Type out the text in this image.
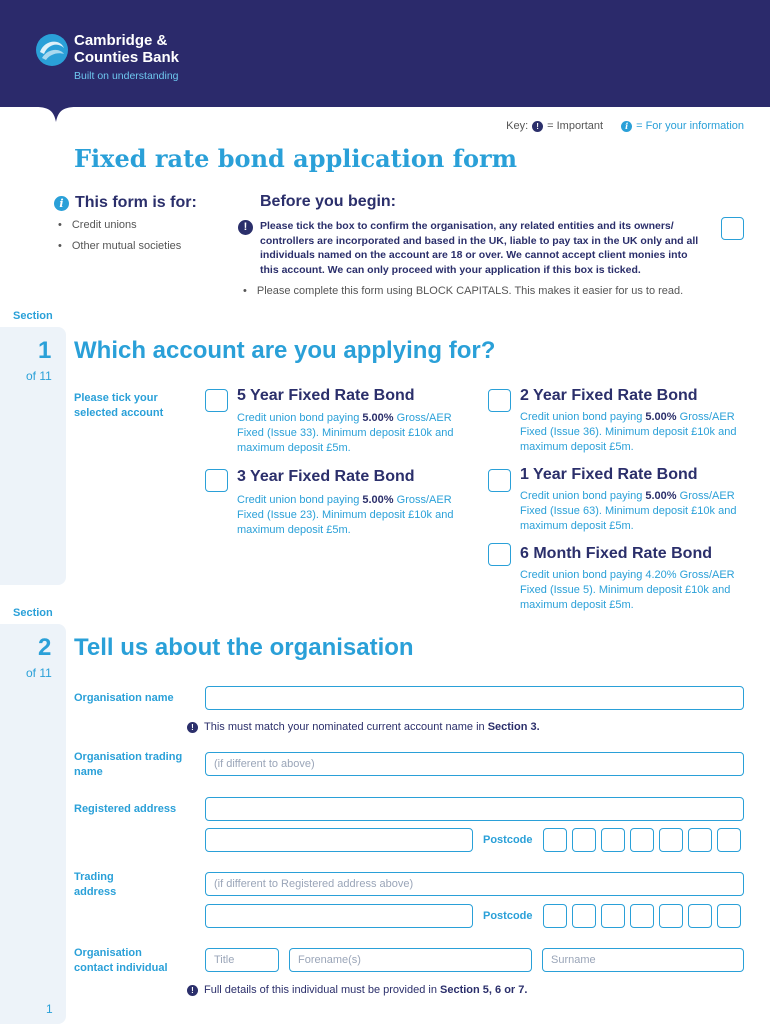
Cambridge &
Counties Bank
Built on understanding
Key:	! = Important	i = For your information
Fixed rate bond application form
i This form is for:
• Credit unions
• Other mutual societies
Before you begin:
!	Please tick the box to confirm the organisation, any related entities and its owners/ controllers are incorporated and based in the UK, liable to pay tax in the UK only and all individuals named on the account are 18 or over. We cannot accept client monies into this account. We can only proceed with your application if this box is ticked.

• Please complete this form using BLOCK CAPITALS. This makes it easier for us to read.
Section
1
of 11
Which account are you applying for?
Please tick your selected account
5 Year Fixed Rate Bond
Credit union bond paying 5.00% Gross/AER Fixed (Issue 33). Minimum deposit £10k and maximum deposit £5m.
2 Year Fixed Rate Bond
Credit union bond paying 5.00% Gross/AER Fixed (Issue 36). Minimum deposit £10k and maximum deposit £5m.
3 Year Fixed Rate Bond
Credit union bond paying 5.00% Gross/AER Fixed (Issue 23). Minimum deposit £10k and maximum deposit £5m.
1 Year Fixed Rate Bond
Credit union bond paying 5.00% Gross/AER Fixed (Issue 63). Minimum deposit £10k and maximum deposit £5m.
6 Month Fixed Rate Bond
Credit union bond paying 4.20% Gross/AER Fixed (Issue 5). Minimum deposit £10k and maximum deposit £5m.
Section
2
of 11
Tell us about the organisation
Organisation name
! This must match your nominated current account name in Section 3.
Organisation trading name
(if different to above)
Registered address
Postcode
Trading address
(if different to Registered address above)
Postcode
Organisation contact individual
Title	Forename(s)	Surname
! Full details of this individual must be provided in Section 5, 6 or 7.
1
